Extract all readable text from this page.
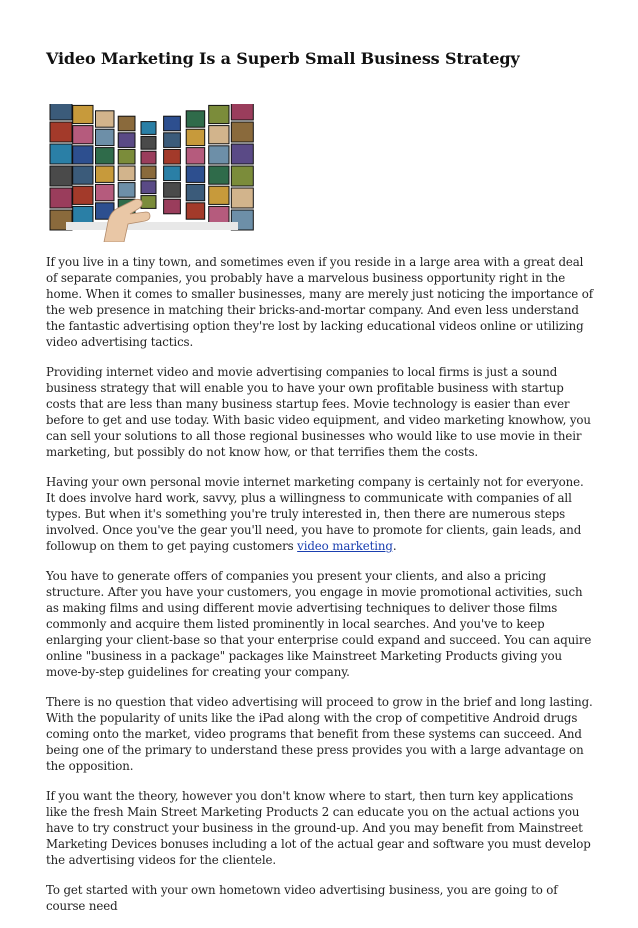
Video Marketing Is a Superb Small Business Strategy

If you live in a tiny town, and sometimes even if you reside in a large area with a great deal of separate companies, you probably have a marvelous business opportunity right in the home. When it comes to smaller businesses, many are merely just noticing the importance of the web presence in matching their bricks-and-mortar company. And even less understand the fantastic advertising option they're lost by lacking educational videos online or utilizing video advertising tactics.

Providing internet video and movie advertising companies to local firms is just a sound business strategy that will enable you to have your own profitable business with startup costs that are less than many business startup fees. Movie technology is easier than ever before to get and use today. With basic video equipment, and video marketing knowhow, you can sell your solutions to all those regional businesses who would like to use movie in their marketing, but possibly do not know how, or that terrifies them the costs.

Having your own personal movie internet marketing company is certainly not for everyone. It does involve hard work, savvy, plus a willingness to communicate with companies of all types. But when it's something you're truly interested in, then there are numerous steps involved. Once you've the gear you'll need, you have to promote for clients, gain leads, and followup on them to get paying customers video marketing.

You have to generate offers of companies you present your clients, and also a pricing structure. After you have your customers, you engage in movie promotional activities, such as making films and using different movie advertising techniques to deliver those films commonly and acquire them listed prominently in local searches. And you've to keep enlarging your client-base so that your enterprise could expand and succeed. You can aquire online "business in a package" packages like Mainstreet Marketing Products giving you move-by-step guidelines for creating your company.

There is no question that video advertising will proceed to grow in the brief and long lasting. With the popularity of units like the iPad along with the crop of competitive Android drugs coming onto the market, video programs that benefit from these systems can succeed. And being one of the primary to understand these press provides you with a large advantage on the opposition.

If you want the theory, however you don't know where to start, then turn key applications like the fresh Main Street Marketing Products 2 can educate you on the actual actions you have to try construct your business in the ground-up. And you may benefit from Mainstreet Marketing Devices bonuses including a lot of the actual gear and software you must develop the advertising videos for the clientele.

To get started with your own hometown video advertising business, you are going to of course need
